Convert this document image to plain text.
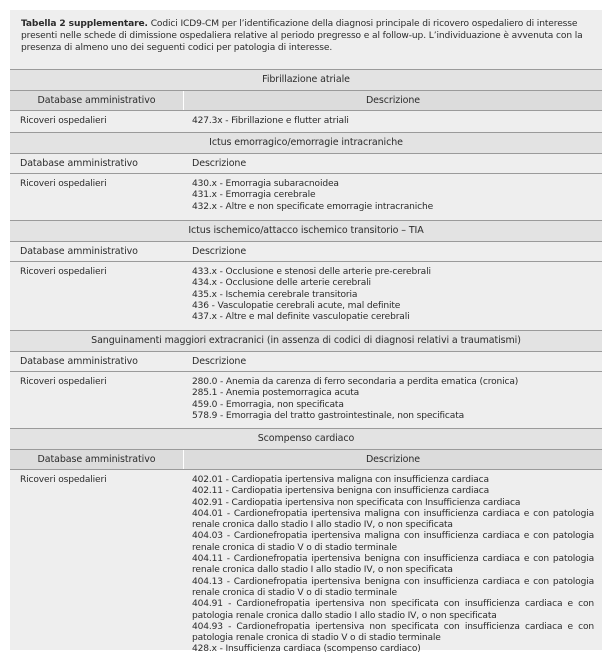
Tabella 2 supplementare. Codici ICD9-CM per l’identificazione della diagnosi principale di ricovero ospedaliero di interesse presenti nelle schede di dimissione ospedaliera relative al periodo pregresso e al follow-up. L’individuazione è avvenuta con la presenza di almeno uno dei seguenti codici per patologia di interesse.
Fibrillazione atriale
Database amministrativo	Descrizione
Ricoveri ospedalieri	427.3x - Fibrillazione e flutter atriali
Ictus emorragico/emorragie intracraniche
Database amministrativo	Descrizione
Ricoveri ospedalieri	430.x - Emorragia subaracnoidea
431.x - Emorragia cerebrale
432.x - Altre e non specificate emorragie intracraniche
Ictus ischemico/attacco ischemico transitorio – TIA
Database amministrativo	Descrizione
Ricoveri ospedalieri	433.x - Occlusione e stenosi delle arterie pre-cerebrali
434.x - Occlusione delle arterie cerebrali
435.x - Ischemia cerebrale transitoria
436 - Vasculopatie cerebrali acute, mal definite
437.x - Altre e mal definite vasculopatie cerebrali
Sanguinamenti maggiori extracranici (in assenza di codici di diagnosi relativi a traumatismi)
Database amministrativo	Descrizione
Ricoveri ospedalieri	280.0 - Anemia da carenza di ferro secondaria a perdita ematica (cronica)
285.1 - Anemia postemorragica acuta
459.0 - Emorragia, non specificata
578.9 - Emorragia del tratto gastrointestinale, non specificata
Scompenso cardiaco
Database amministrativo	Descrizione
Ricoveri ospedalieri	402.01 - Cardiopatia ipertensiva maligna con insufficienza cardiaca
402.11 - Cardiopatia ipertensiva benigna con insufficienza cardiaca
402.91 - Cardiopatia ipertensiva non specificata con Insufficienza cardiaca
404.01 - Cardionefropatia ipertensiva maligna con insufficienza cardiaca e con patologia renale cronica dallo stadio I allo stadio IV, o non specificata
404.03 - Cardionefropatia ipertensiva maligna con insufficienza cardiaca e con patologia renale cronica di stadio V o di stadio terminale
404.11 - Cardionefropatia ipertensiva benigna con insufficienza cardiaca e con patologia renale cronica dallo stadio I allo stadio IV, o non specificata
404.13 - Cardionefropatia ipertensiva benigna con insufficienza cardiaca e con patologia renale cronica di stadio V o di stadio terminale
404.91 - Cardionefropatia ipertensiva non specificata con insufficienza cardiaca e con patologia renale cronica dallo stadio I allo stadio IV, o non specificata
404.93 - Cardionefropatia ipertensiva non specificata con insufficienza cardiaca e con patologia renale cronica di stadio V o di stadio terminale
428.x - Insufficienza cardiaca (scompenso cardiaco)
